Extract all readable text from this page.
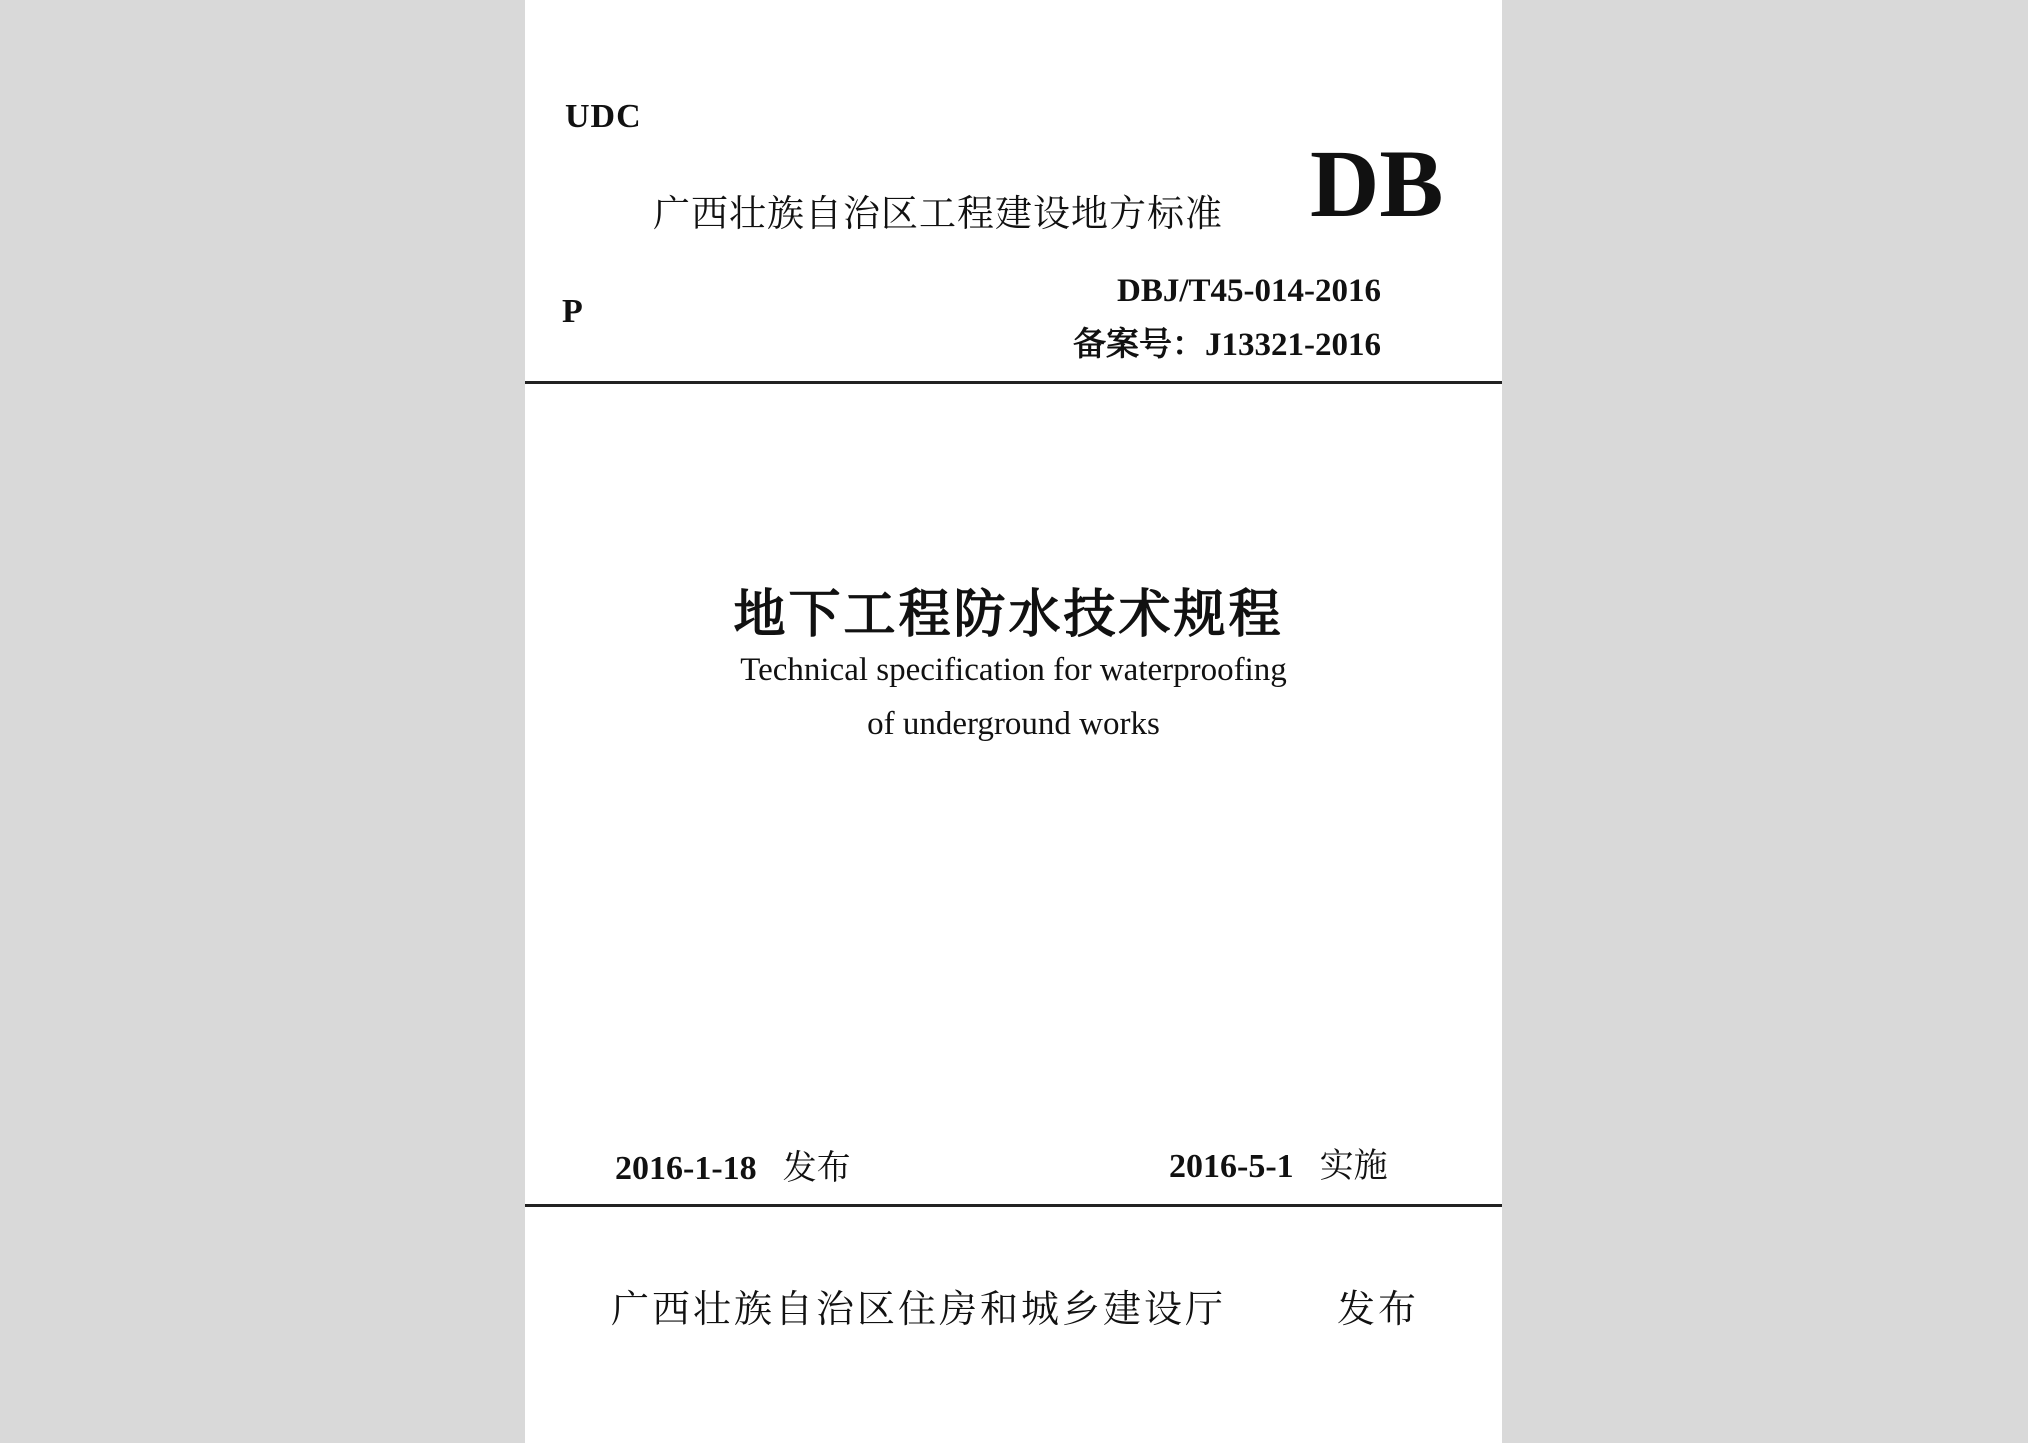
UDC
广西壮族自治区工程建设地方标准 DB
P
DBJ/T45-014-2016
备案号：J13321-2016
地下工程防水技术规程
Technical specification for waterproofing
of underground works
2016-1-18 发布	2016-5-1 实施
广西壮族自治区住房和城乡建设厅	发布
